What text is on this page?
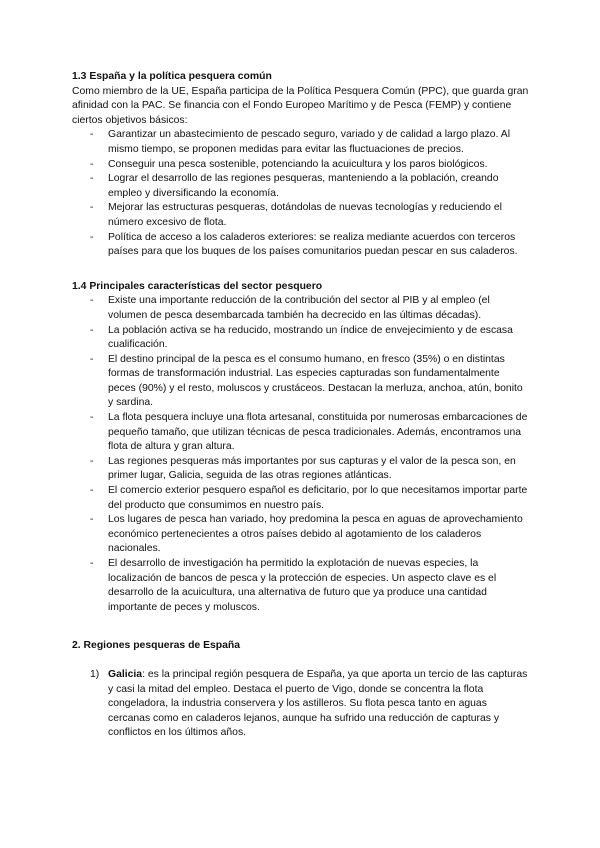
1.3 España y la política pesquera común

Como miembro de la UE, España participa de la Política Pesquera Común (PPC), que guarda gran afinidad con la PAC. Se financia con el Fondo Europeo Marítimo y de Pesca (FEMP) y contiene ciertos objetivos básicos:

- Garantizar un abastecimiento de pescado seguro, variado y de calidad a largo plazo. Al mismo tiempo, se proponen medidas para evitar las fluctuaciones de precios.
- Conseguir una pesca sostenible, potenciando la acuicultura y los paros biológicos.
- Lograr el desarrollo de las regiones pesqueras, manteniendo a la población, creando empleo y diversificando la economía.
- Mejorar las estructuras pesqueras, dotándolas de nuevas tecnologías y reduciendo el número excesivo de flota.
- Política de acceso a los caladeros exteriores: se realiza mediante acuerdos con terceros países para que los buques de los países comunitarios puedan pescar en sus caladeros.

1.4 Principales características del sector pesquero

- Existe una importante reducción de la contribución del sector al PIB y al empleo (el volumen de pesca desembarcada también ha decrecido en las últimas décadas).
- La población activa se ha reducido, mostrando un índice de envejecimiento y de escasa cualificación.
- El destino principal de la pesca es el consumo humano, en fresco (35%) o en distintas formas de transformación industrial. Las especies capturadas son fundamentalmente peces (90%) y el resto, moluscos y crustáceos. Destacan la merluza, anchoa, atún, bonito y sardina.
- La flota pesquera incluye una flota artesanal, constituida por numerosas embarcaciones de pequeño tamaño, que utilizan técnicas de pesca tradicionales. Además, encontramos una flota de altura y gran altura.
- Las regiones pesqueras más importantes por sus capturas y el valor de la pesca son, en primer lugar, Galicia, seguida de las otras regiones atlánticas.
- El comercio exterior pesquero español es deficitario, por lo que necesitamos importar parte del producto que consumimos en nuestro país.
- Los lugares de pesca han variado, hoy predomina la pesca en aguas de aprovechamiento económico pertenecientes a otros países debido al agotamiento de los caladeros nacionales.
- El desarrollo de investigación ha permitido la explotación de nuevas especies, la localización de bancos de pesca y la protección de especies. Un aspecto clave es el desarrollo de la acuicultura, una alternativa de futuro que ya produce una cantidad importante de peces y moluscos.

2. Regiones pesqueras de España

1) Galicia: es la principal región pesquera de España, ya que aporta un tercio de las capturas y casi la mitad del empleo. Destaca el puerto de Vigo, donde se concentra la flota congeladora, la industria conservera y los astilleros. Su flota pesca tanto en aguas cercanas como en caladeros lejanos, aunque ha sufrido una reducción de capturas y conflictos en los últimos años.
